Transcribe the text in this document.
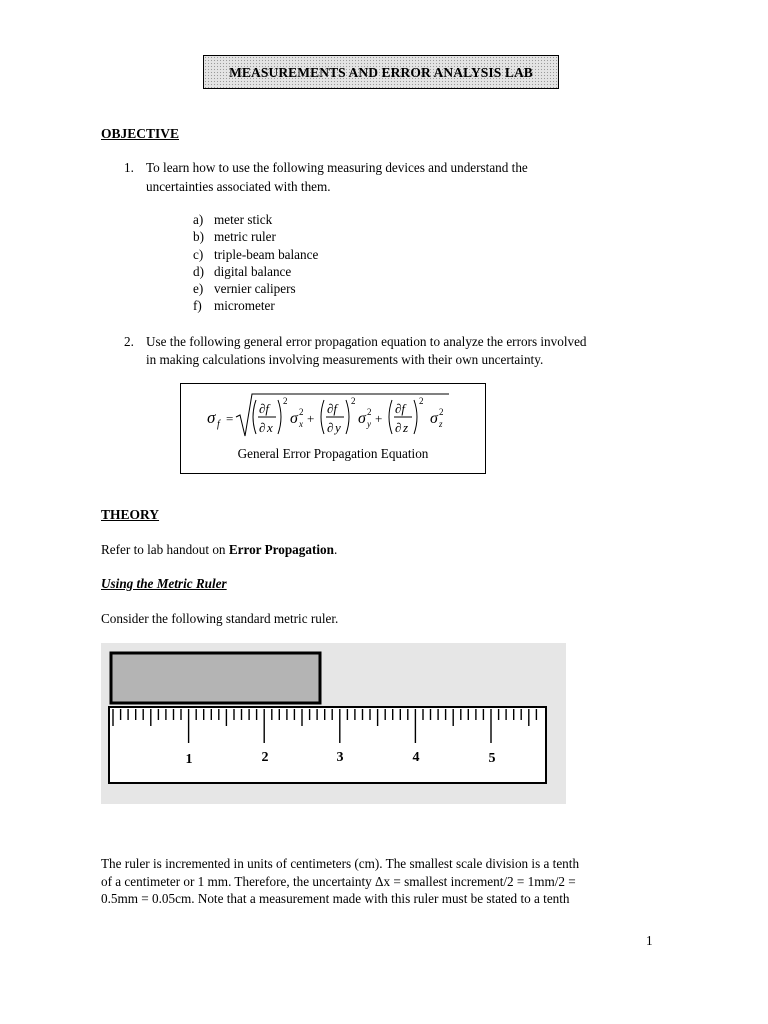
MEASUREMENTS AND ERROR ANALYSIS LAB
OBJECTIVE
1. To learn how to use the following measuring devices and understand the
uncertainties associated with them.
2. Use the following general error propagation equation to analyze the errors involved
in making calculations involving measurements with their own uncertainty.
a) meter stick
b) metric ruler
c) triple-beam balance
d) digital balance
e) vernier calipers
f) micrometer
σ f =
∂f
∂ x
2
σ 2
x +
∂f
∂ y
2
σ 2
y +
∂f
∂ z
2
σ 2
z
General Error Propagation Equation
THEORY

Refer to lab handout on Error Propagation.

Using the Metric Ruler

Consider the following standard metric ruler.

1	2	3	4	5

The ruler is incremented in units of centimeters (cm). The smallest scale division is a tenth

of a centimeter or 1 mm. Therefore, the uncertainty Δx = smallest increment/2 = 1mm/2 =

0.5mm = 0.05cm. Note that a measurement made with this ruler must be stated to a tenth

1
